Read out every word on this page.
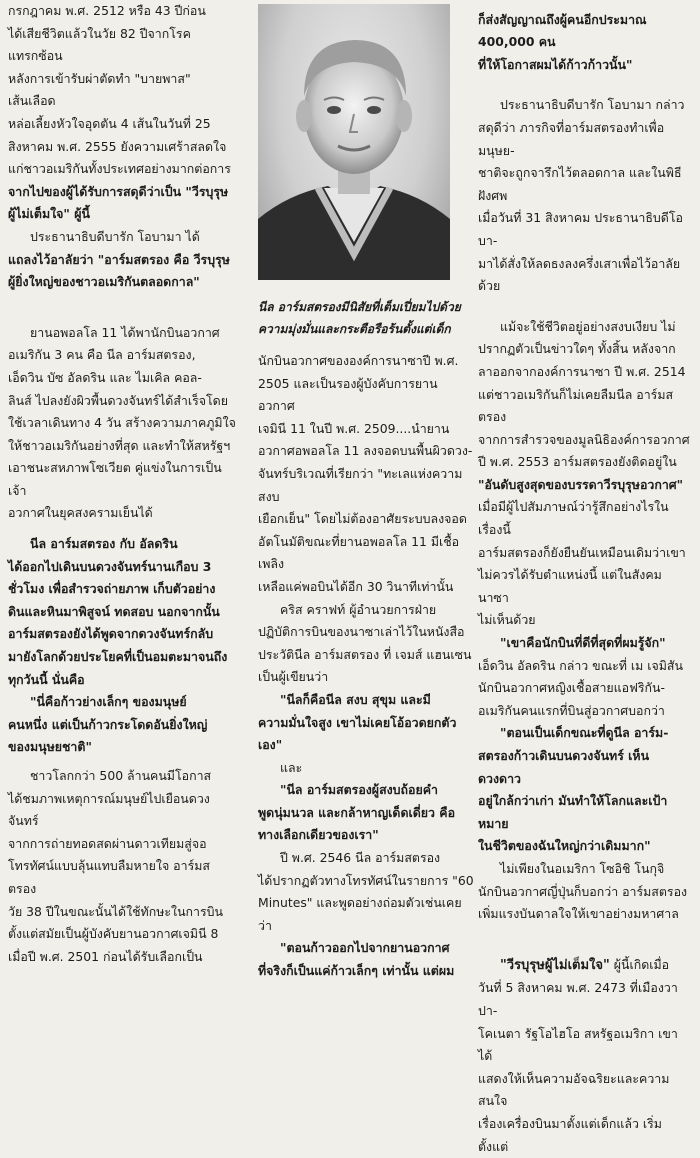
กรกฎาคม พ.ศ. 2512 หรือ 43 ปีก่อน

ได้เสียชีวิตแล้วในวัย 82 ปีจากโรคแทรกซ้อน

หลังการเข้ารับผ่าตัดทำ "บายพาส" เส้นเลือด

หล่อเลี้ยงหัวใจอุดตัน 4 เส้นในวันที่ 25

สิงหาคม พ.ศ. 2555 ยังความเศร้าสลดใจ

แก่ชาวอเมริกันทั้งประเทศอย่างมากต่อการ

จากไปของผู้ได้รับการสดุดีว่าเป็น "วีรบุรุษ

ผู้ไม่เต็มใจ" ผู้นี้

ประธานาธิบดีบารัก โอบามา ได้

แถลงไว้อาลัยว่า "อาร์มสตรอง คือ วีรบุรุษ

ผู้ยิ่งใหญ่ของชาวอเมริกันตลอดกาล"

ยานอพอลโล 11 ได้พานักบินอวกาศ

อเมริกัน 3 คน คือ นีล อาร์มสตรอง,

เอ็ดวิน บัซ อัลดริน และ ไมเคิล คอล-

ลินส์ ไปลงยังผิวพื้นดวงจันทร์ได้สำเร็จโดย

ใช้เวลาเดินทาง 4 วัน สร้างความภาคภูมิใจ

ให้ชาวอเมริกันอย่างที่สุด และทำให้สหรัฐฯ

เอาชนะสหภาพโซเวียต คู่แข่งในการเป็นเจ้า

อวกาศในยุคสงครามเย็นได้

นีล อาร์มสตรอง กับ อัลดริน

ได้ออกไปเดินบนดวงจันทร์นานเกือบ 3

ชั่วโมง เพื่อสำรวจถ่ายภาพ เก็บตัวอย่าง

ดินและหินมาพิสูจน์ ทดสอบ นอกจากนั้น

อาร์มสตรองยังได้พูดจากดวงจันทร์กลับ

มายังโลกด้วยประโยคที่เป็นอมตะมาจนถึง

ทุกวันนี้ นั่นคือ

"นี่คือก้าวย่างเล็กๆ ของมนุษย์

คนหนึ่ง แต่เป็นก้าวกระโดดอันยิ่งใหญ่

ของมนุษยชาติ"

ชาวโลกกว่า 500 ล้านคนมีโอกาส

ได้ชมภาพเหตุการณ์มนุษย์ไปเยือนดวงจันทร์

จากการถ่ายทอดสดผ่านดาวเทียมสู่จอ

โทรทัศน์แบบลุ้นแทบลืมหายใจ อาร์มสตรอง

วัย 38 ปีในขณะนั้นได้ใช้ทักษะในการบิน

ตั้งแต่สมัยเป็นผู้บังคับยานอวกาศเจมินี 8

เมื่อปี พ.ศ. 2501 ก่อนได้รับเลือกเป็น

นีล อาร์มสตรองมีนิสัยที่เต็มเปี่ยมไปด้วย
ความมุ่งมั่นและกระตือรือร้นตั้งแต่เด็ก

นักบินอวกาศขององค์การนาซาปี พ.ศ.

2505 และเป็นรองผู้บังคับการยานอวกาศ

เจมินี 11 ในปี พ.ศ. 2509....นำยาน

อวกาศอพอลโล 11 ลงจอดบนพื้นผิวดวง-

จันทร์บริเวณที่เรียกว่า "ทะเลแห่งความสงบ

เยือกเย็น" โดยไม่ต้องอาศัยระบบลงจอด

อัตโนมัติขณะที่ยานอพอลโล 11 มีเชื้อเพลิง

เหลือแค่พอบินได้อีก 30 วินาทีเท่านั้น

คริส คราฟท์ ผู้อำนวยการฝ่าย

ปฏิบัติการบินของนาซาเล่าไว้ในหนังสือ

ประวัตินีล อาร์มสตรอง ที่ เจมส์ แฮนเซน

เป็นผู้เขียนว่า

"นีลก็คือนีล สงบ สุขุม และมี

ความมั่นใจสูง เขาไม่เคยโอ้อวดยกตัวเอง"

และ

"นีล อาร์มสตรองผู้สงบถ้อยคำ

พูดนุ่มนวล และกล้าหาญเด็ดเดี่ยว คือ

ทางเลือกเดียวของเรา"

ปี พ.ศ. 2546 นีล อาร์มสตรอง

ได้ปรากฏตัวทางโทรทัศน์ในรายการ "60

Minutes" และพูดอย่างถ่อมตัวเช่นเคยว่า

"ตอนก้าวออกไปจากยานอวกาศ

ที่จริงก็เป็นแค่ก้าวเล็กๆ เท่านั้น แต่ผม

ก็ส่งสัญญาณถึงผู้คนอีกประมาณ 400,000 คน

ที่ให้โอกาสผมได้ก้าวก้าวนั้น"

ประธานาธิบดีบารัก โอบามา กล่าว

สดุดีว่า ภารกิจที่อาร์มสตรองทำเพื่อมนุษย-

ชาติจะถูกจารึกไว้ตลอดกาล และในพิธีฝังศพ

เมื่อวันที่ 31 สิงหาคม ประธานาธิบดีโอบา-

มาได้สั่งให้ลดธงลงครึ่งเสาเพื่อไว้อาลัยด้วย

แม้จะใช้ชีวิตอยู่อย่างสงบเงียบ ไม่

ปรากฏตัวเป็นข่าวใดๆ ทั้งสิ้น หลังจาก

ลาออกจากองค์การนาซา ปี พ.ศ. 2514

แต่ชาวอเมริกันก็ไม่เคยลืมนีล อาร์มสตรอง

จากการสำรวจของมูลนิธิองค์การอวกาศ

ปี พ.ศ. 2553 อาร์มสตรองยังติดอยู่ใน

"อันดับสูงสุดของบรรดาวีรบุรุษอวกาศ"

เมื่อมีผู้ไปสัมภาษณ์ว่ารู้สึกอย่างไรในเรื่องนี้

อาร์มสตรองก็ยังยืนยันเหมือนเดิมว่าเขา

ไม่ควรได้รับตำแหน่งนี้ แต่ในสังคมนาซา

ไม่เห็นด้วย

"เขาคือนักบินที่ดีที่สุดที่ผมรู้จัก"

เอ็ดวิน อัลดริน กล่าว ขณะที่ เม เจมิสัน

นักบินอวกาศหญิงเชื้อสายแอฟริกัน-

อเมริกันคนแรกที่บินสู่อวกาศบอกว่า

"ตอนเป็นเด็กขณะที่ดูนีล อาร์ม-

สตรองก้าวเดินบนดวงจันทร์ เห็นดวงดาว

อยู่ใกล้กว่าเก่า มันทำให้โลกและเป้าหมาย

ในชีวิตของฉันใหญ่กว่าเดิมมาก"

ไม่เพียงในอเมริกา โซอิชิ โนกุจิ

นักบินอวกาศญี่ปุ่นก็บอกว่า อาร์มสตรอง

เพิ่มแรงบันดาลใจให้เขาอย่างมหาศาล

"วีรบุรุษผู้ไม่เต็มใจ" ผู้นี้เกิดเมื่อ

วันที่ 5 สิงหาคม พ.ศ. 2473 ที่เมืองวาปา-

โคเนตา รัฐโอไฮโอ สหรัฐอเมริกา เขาได้

แสดงให้เห็นความอัจฉริยะและความสนใจ

เรื่องเครื่องบินมาตั้งแต่เด็กแล้ว เริ่มตั้งแต่
